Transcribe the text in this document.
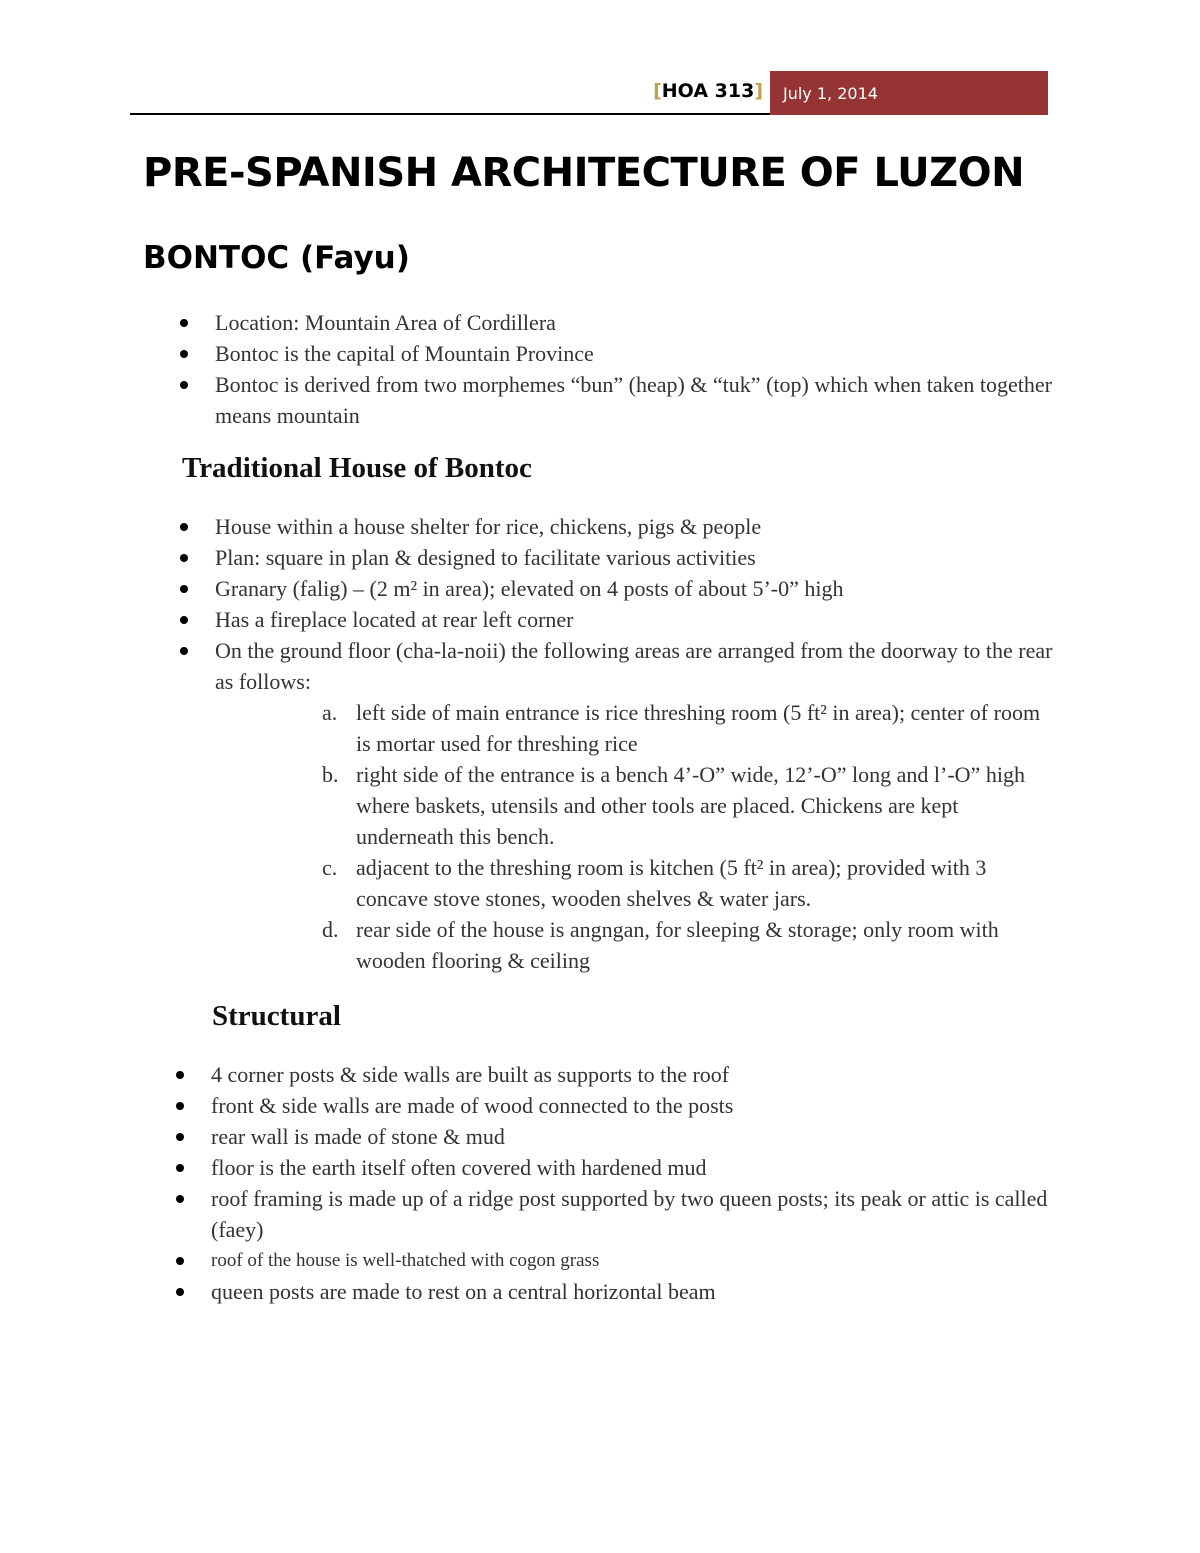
[HOA 313]	July 1, 2014
PRE-SPANISH ARCHITECTURE OF LUZON
BONTOC (Fayu)
Location: Mountain Area of Cordillera
Bontoc is the capital of Mountain Province
Bontoc is derived from two morphemes “bun” (heap) & “tuk” (top) which when taken together means mountain
Traditional House of Bontoc
House within a house shelter for rice, chickens, pigs & people
Plan: square in plan & designed to facilitate various activities
Granary (falig) – (2 m² in area); elevated on 4 posts of about 5’-0” high
Has a fireplace located at rear left corner
On the ground floor (cha-la-noii) the following areas are arranged from the doorway to the rear as follows:
a. left side of main entrance is rice threshing room (5 ft² in area); center of room is mortar used for threshing rice
b. right side of the entrance is a bench 4’-O” wide, 12’-O” long and l’-O” high where baskets, utensils and other tools are placed. Chickens are kept underneath this bench.
c. adjacent to the threshing room is kitchen (5 ft² in area); provided with 3 concave stove stones, wooden shelves & water jars.
d. rear side of the house is angngan, for sleeping & storage; only room with wooden flooring & ceiling
Structural
4 corner posts & side walls are built as supports to the roof
front & side walls are made of wood connected to the posts
rear wall is made of stone & mud
floor is the earth itself often covered with hardened mud
roof framing is made up of a ridge post supported by two queen posts; its peak or attic is called (faey)
roof of the house is well-thatched with cogon grass
queen posts are made to rest on a central horizontal beam
